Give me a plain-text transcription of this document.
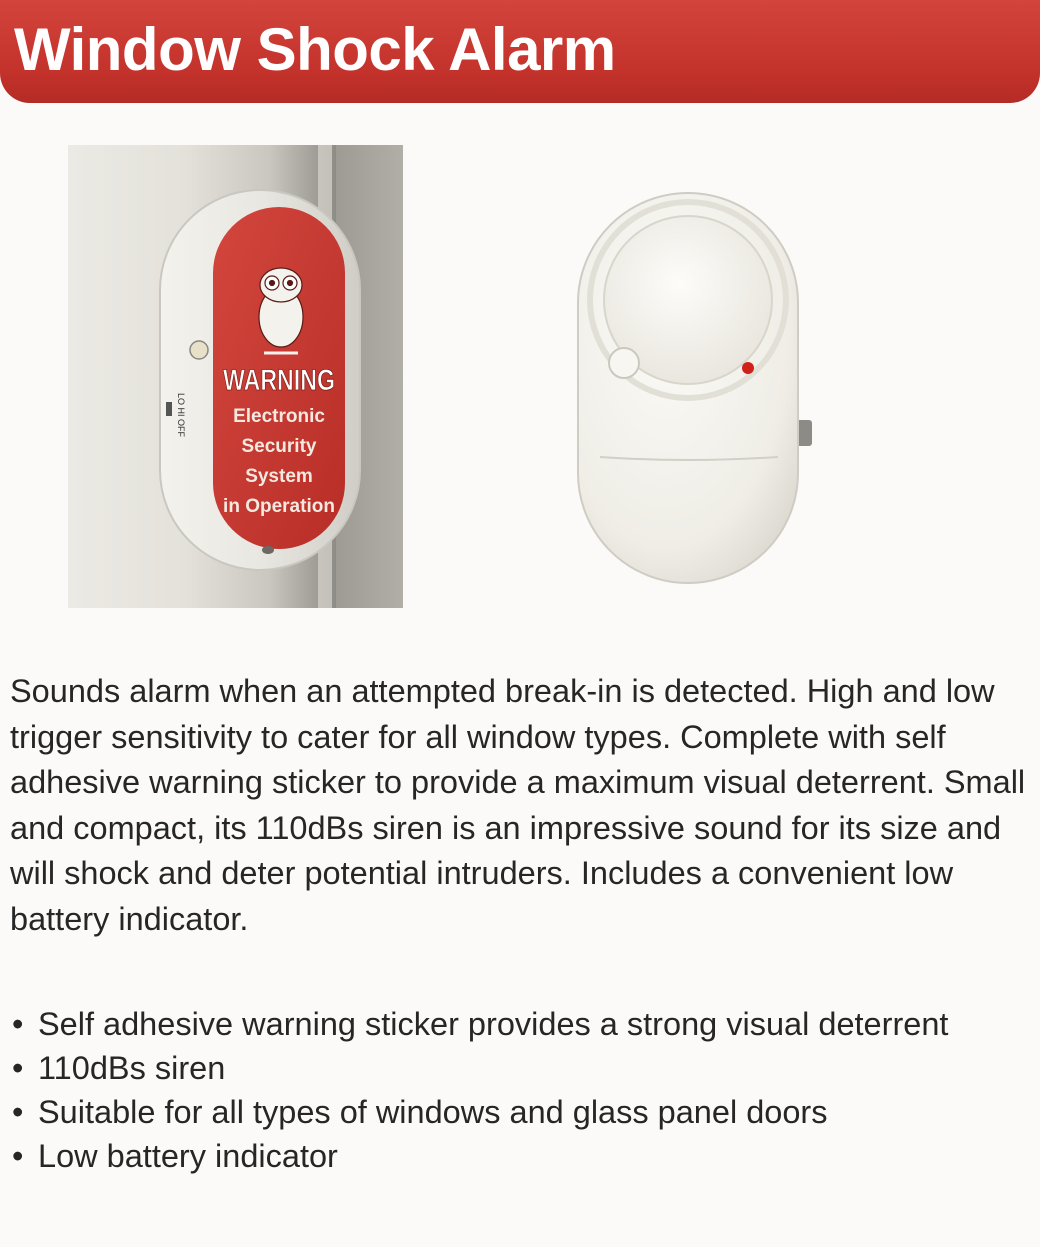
Window Shock Alarm
LO HI OFF
WARNING
Electronic
Security
System
in Operation

Sounds alarm when an attempted break-in is detected. High and low trigger sensitivity to cater for all window types. Complete with self adhesive warning sticker to provide a maximum visual deterrent. Small and compact, its 110dBs siren is an impressive sound for its size and will shock and deter potential intruders. Includes a convenient low battery indicator.

• Self adhesive warning sticker provides a strong visual deterrent
• 110dBs siren
• Suitable for all types of windows and glass panel doors
• Low battery indicator
